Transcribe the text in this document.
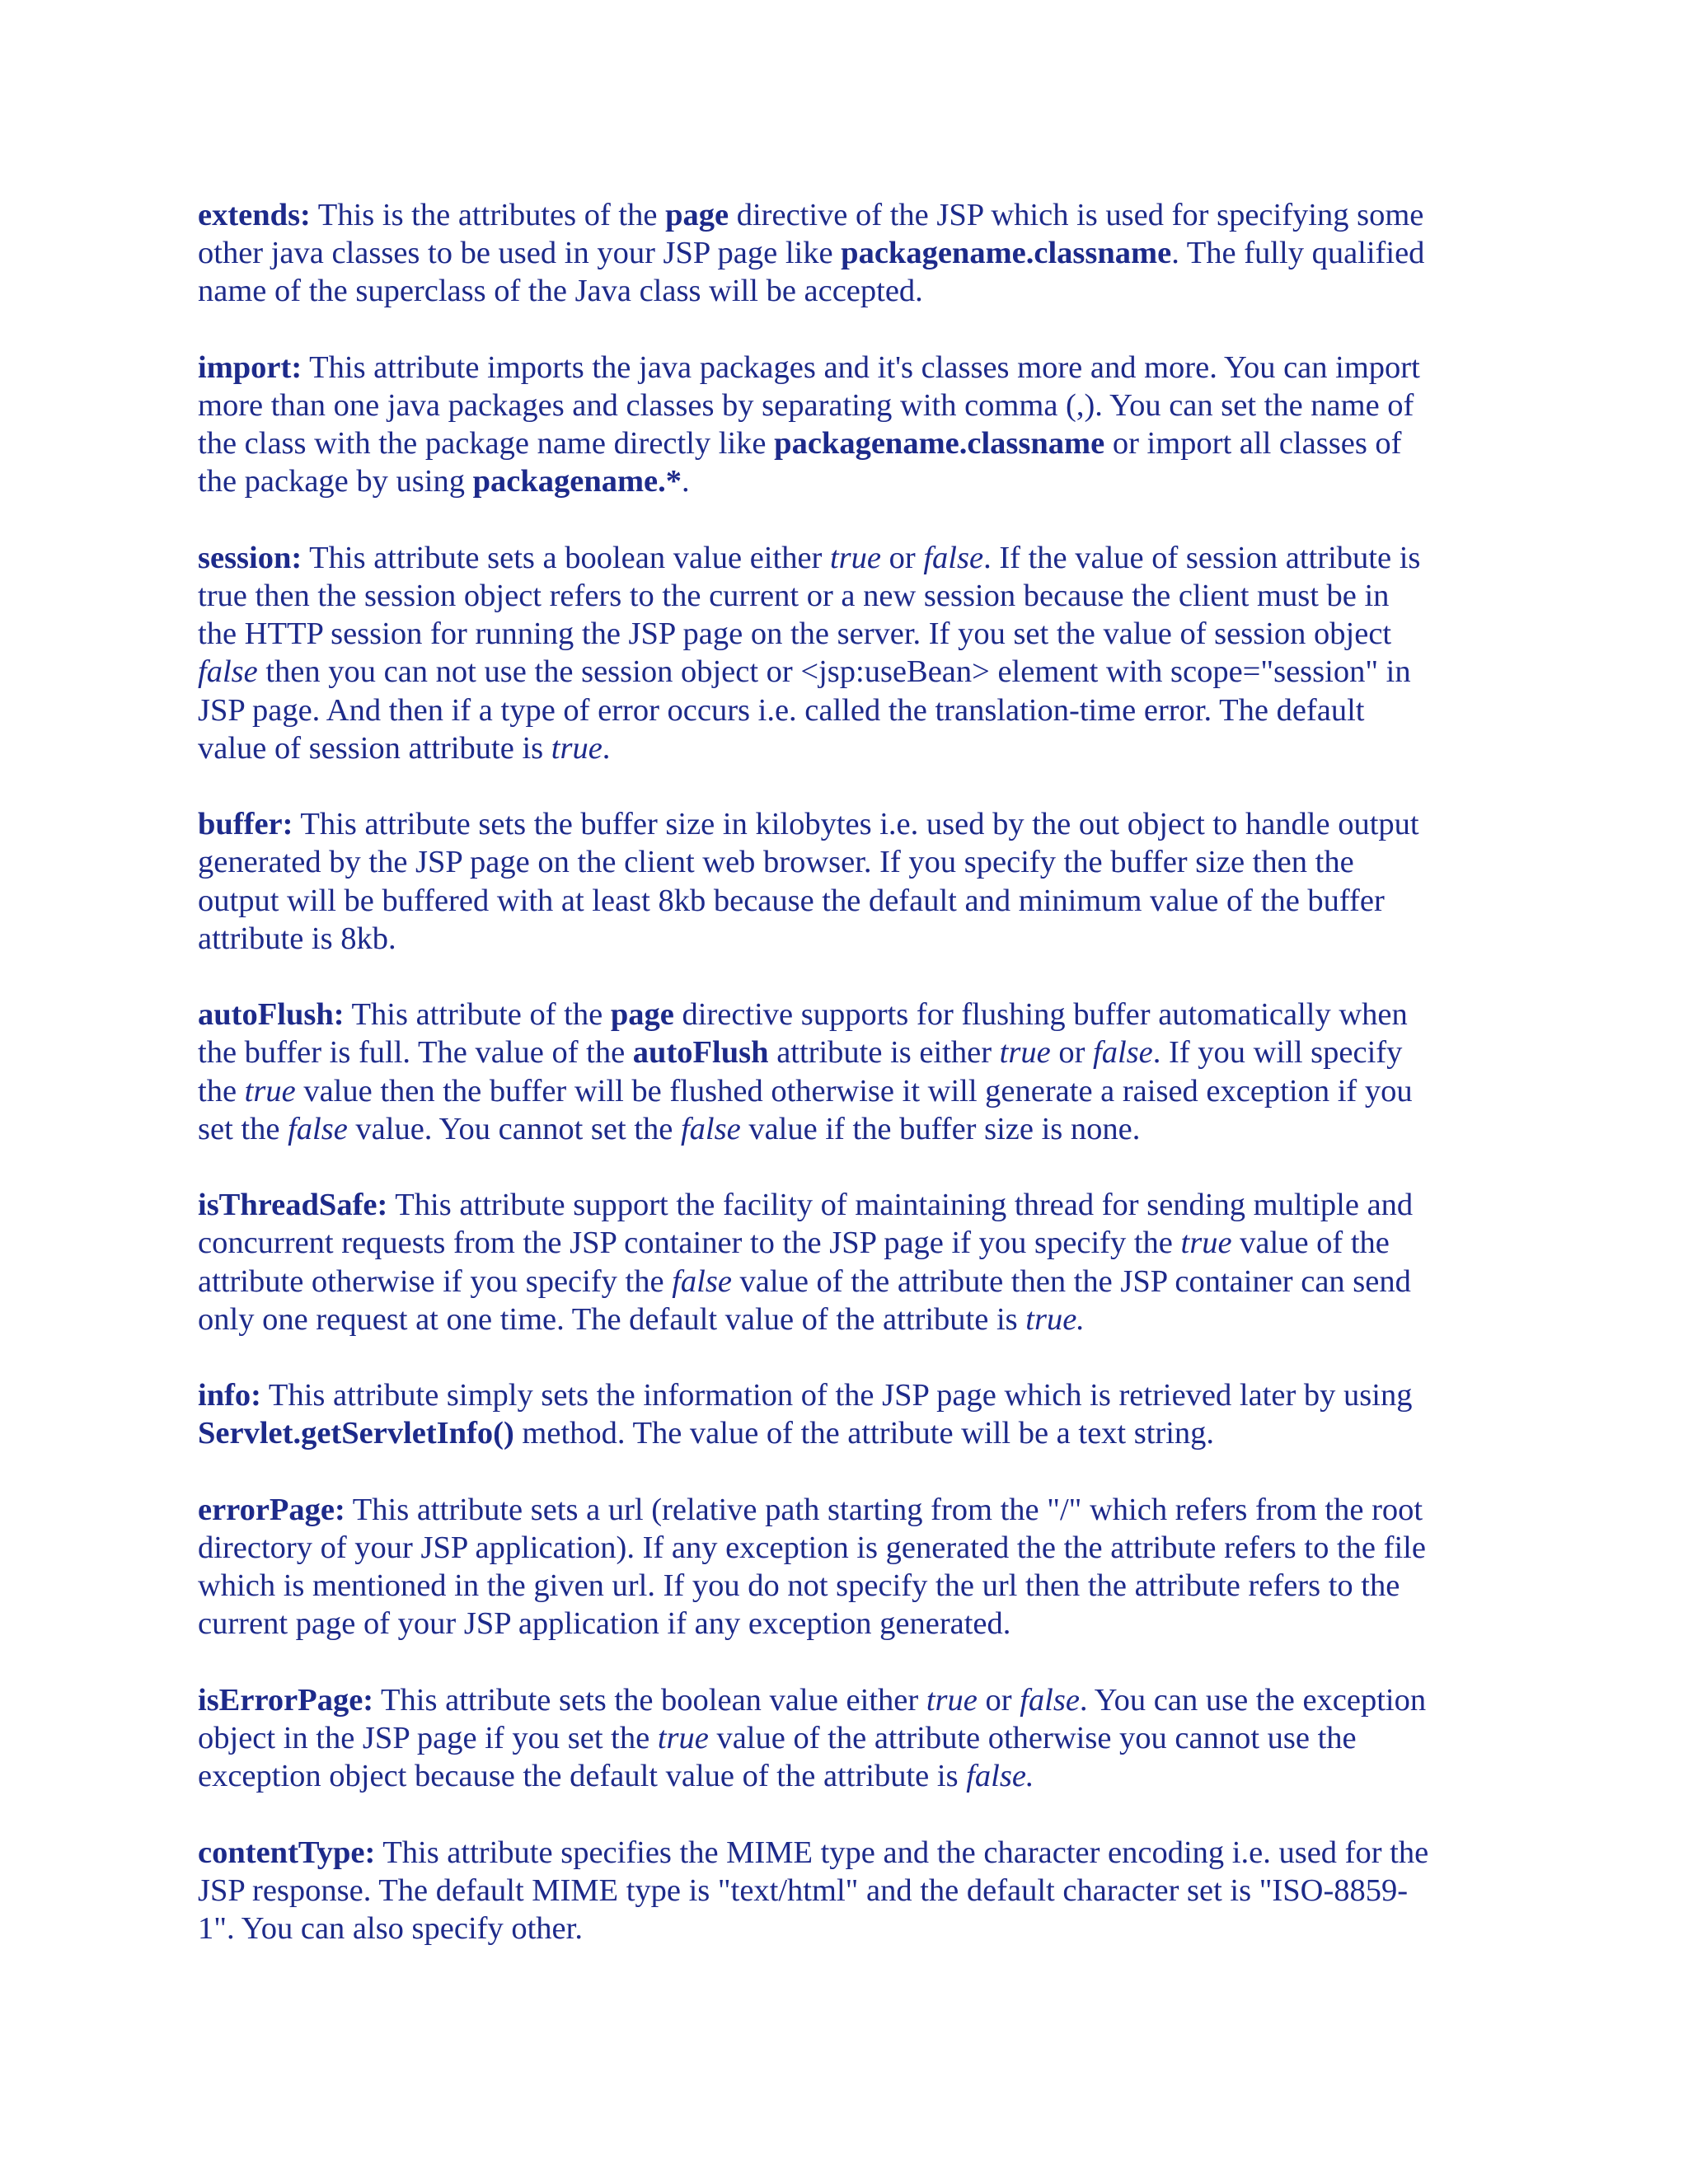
extends: This is the attributes of the page directive of the JSP which is used for specifying some
other java classes to be used in your JSP page like packagename.classname. The fully qualified
name of the superclass of the Java class will be accepted.
import: This attribute imports the java packages and it's classes more and more. You can import
more than one java packages and classes by separating with comma (,). You can set the name of
the class with the package name directly like packagename.classname or import all classes of
the package by using packagename.*.
session: This attribute sets a boolean value either true or false. If the value of session attribute is
true then the session object refers to the current or a new session because the client must be in
the HTTP session for running the JSP page on the server. If you set the value of session object
false then you can not use the session object or <jsp:useBean> element with scope="session" in
JSP page. And then if a type of error occurs i.e. called the translation-time error. The default
value of session attribute is true.
buffer: This attribute sets the buffer size in kilobytes i.e. used by the out object to handle output
generated by the JSP page on the client web browser. If you specify the buffer size then the
output will be buffered with at least 8kb because the default and minimum value of the buffer
attribute is 8kb.
autoFlush: This attribute of the page directive supports for flushing buffer automatically when
the buffer is full. The value of the autoFlush attribute is either true or false. If you will specify
the true value then the buffer will be flushed otherwise it will generate a raised exception if you
set the false value. You cannot set the false value if the buffer size is none.
isThreadSafe: This attribute support the facility of maintaining thread for sending multiple and
concurrent requests from the JSP container to the JSP page if you specify the true value of the
attribute otherwise if you specify the false value of the attribute then the JSP container can send
only one request at one time. The default value of the attribute is true.
info: This attribute simply sets the information of the JSP page which is retrieved later by using
Servlet.getServletInfo() method. The value of the attribute will be a text string.
errorPage: This attribute sets a url (relative path starting from the "/" which refers from the root
directory of your JSP application). If any exception is generated the the attribute refers to the file
which is mentioned in the given url. If you do not specify the url then the attribute refers to the
current page of your JSP application if any exception generated.
isErrorPage: This attribute sets the boolean value either true or false. You can use the exception
object in the JSP page if you set the true value of the attribute otherwise you cannot use the
exception object because the default value of the attribute is false.
contentType: This attribute specifies the MIME type and the character encoding i.e. used for the
JSP response. The default MIME type is "text/html" and the default character set is "ISO-8859-
1". You can also specify other.
